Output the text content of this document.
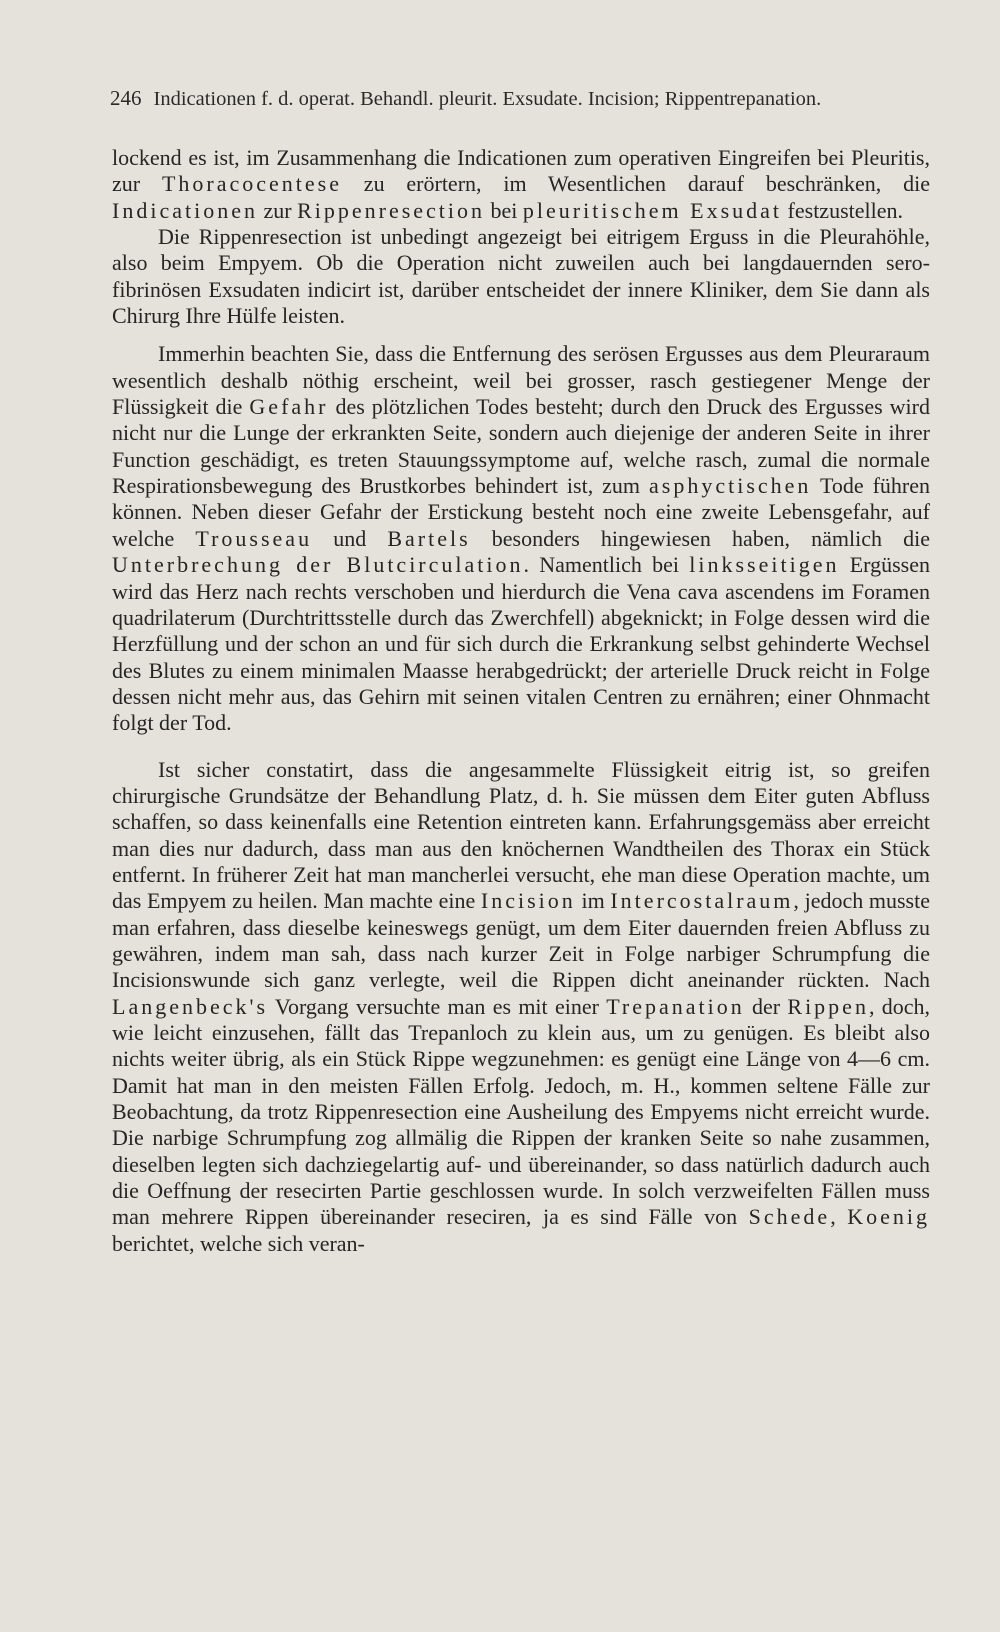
246 Indicationen f. d. operat. Behandl. pleurit. Exsudate. Incision; Rippentrepanation.

lockend es ist, im Zusammenhang die Indicationen zum operativen Eingreifen bei Pleuritis, zur Thoracocentese zu erörtern, im Wesentlichen darauf beschränken, die Indicationen zur Rippenresection bei pleuritischem Exsudat festzustellen.

Die Rippenresection ist unbedingt angezeigt bei eitrigem Erguss in die Pleurahöhle, also beim Empyem. Ob die Operation nicht zuweilen auch bei langdauernden sero-fibrinösen Exsudaten indicirt ist, darüber entscheidet der innere Kliniker, dem Sie dann als Chirurg Ihre Hülfe leisten.

Immerhin beachten Sie, dass die Entfernung des serösen Ergusses aus dem Pleuraraum wesentlich deshalb nöthig erscheint, weil bei grosser, rasch gestiegener Menge der Flüssigkeit die Gefahr des plötzlichen Todes besteht; durch den Druck des Ergusses wird nicht nur die Lunge der erkrankten Seite, sondern auch diejenige der anderen Seite in ihrer Function geschädigt, es treten Stauungssymptome auf, welche rasch, zumal die normale Respirationsbewegung des Brustkorbes behindert ist, zum asphyctischen Tode führen können. Neben dieser Gefahr der Erstickung besteht noch eine zweite Lebensgefahr, auf welche Trousseau und Bartels besonders hingewiesen haben, nämlich die Unterbrechung der Blutcirculation. Namentlich bei linksseitigen Ergüssen wird das Herz nach rechts verschoben und hierdurch die Vena cava ascendens im Foramen quadrilaterum (Durchtrittsstelle durch das Zwerchfell) abgeknickt; in Folge dessen wird die Herzfüllung und der schon an und für sich durch die Erkrankung selbst gehinderte Wechsel des Blutes zu einem minimalen Maasse herabgedrückt; der arterielle Druck reicht in Folge dessen nicht mehr aus, das Gehirn mit seinen vitalen Centren zu ernähren; einer Ohnmacht folgt der Tod.

Ist sicher constatirt, dass die angesammelte Flüssigkeit eitrig ist, so greifen chirurgische Grundsätze der Behandlung Platz, d. h. Sie müssen dem Eiter guten Abfluss schaffen, so dass keinenfalls eine Retention eintreten kann. Erfahrungsgemäss aber erreicht man dies nur dadurch, dass man aus den knöchernen Wandtheilen des Thorax ein Stück entfernt. In früherer Zeit hat man mancherlei versucht, ehe man diese Operation machte, um das Empyem zu heilen. Man machte eine Incision im Intercostalraum, jedoch musste man erfahren, dass dieselbe keineswegs genügt, um dem Eiter dauernden freien Abfluss zu gewähren, indem man sah, dass nach kurzer Zeit in Folge narbiger Schrumpfung die Incisionswunde sich ganz verlegte, weil die Rippen dicht aneinander rückten. Nach Langenbeck's Vorgang versuchte man es mit einer Trepanation der Rippen, doch, wie leicht einzusehen, fällt das Trepanloch zu klein aus, um zu genügen. Es bleibt also nichts weiter übrig, als ein Stück Rippe wegzunehmen: es genügt eine Länge von 4—6 cm. Damit hat man in den meisten Fällen Erfolg. Jedoch, m. H., kommen seltene Fälle zur Beobachtung, da trotz Rippenresection eine Ausheilung des Empyems nicht erreicht wurde. Die narbige Schrumpfung zog allmälig die Rippen der kranken Seite so nahe zusammen, dieselben legten sich dachziegelartig auf- und übereinander, so dass natürlich dadurch auch die Oeffnung der resecirten Partie geschlossen wurde. In solch verzweifelten Fällen muss man mehrere Rippen übereinander reseciren, ja es sind Fälle von Schede, Koenig berichtet, welche sich veran-
